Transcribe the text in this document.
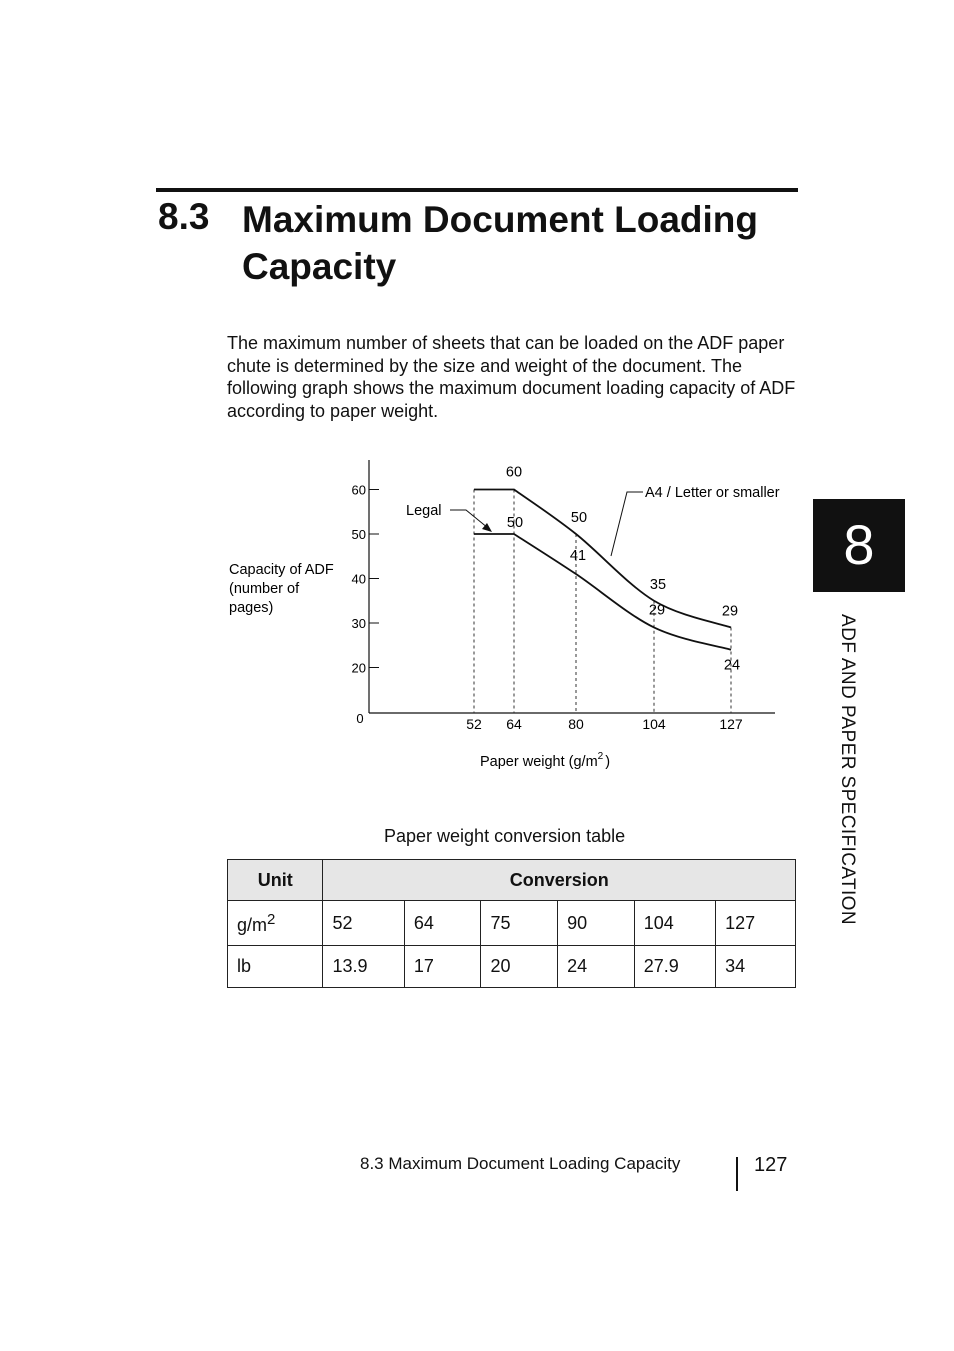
8.3 Maximum Document Loading Capacity

The maximum number of sheets that can be loaded on the ADF paper chute is determined by the size and weight of the document. The following graph shows the maximum document loading capacity of ADF according to paper weight.

60
50
40
30
20
0
Capacity of ADF (number of pages)
52 64	80	104	127
Paper weight ($g/m^2$ )
60
50
35
29
50
41
29
24
A4 / Letter or smaller
Legal
Paper weight conversion table
Unit	Conversion					
$g/m^2$	52	64	75	90	104	127
lb	13.9	17	20	24	27.9	34
8
ADF AND PAPER SPECIFICATION
8.3 Maximum Document Loading Capacity	127
